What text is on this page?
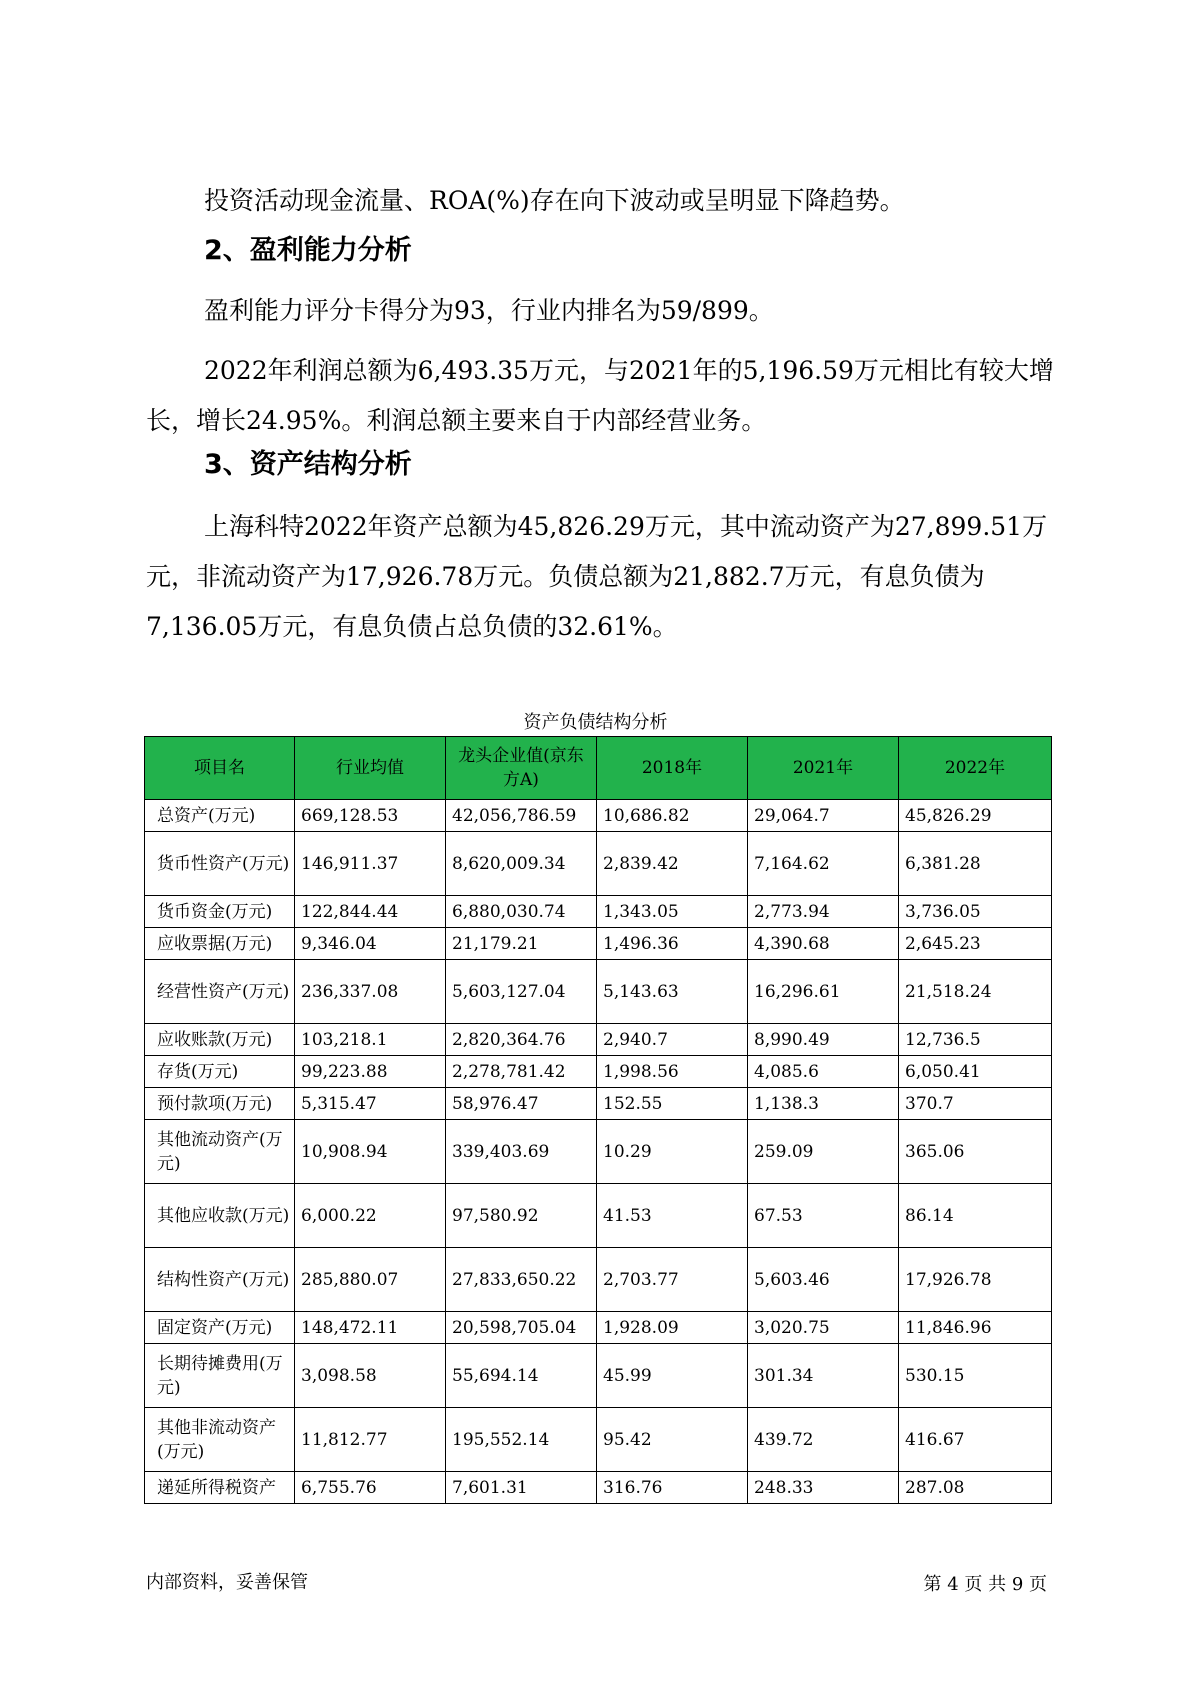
投资活动现金流量、ROA(%)存在向下波动或呈明显下降趋势。

2、盈利能力分析

盈利能力评分卡得分为93，行业内排名为59/899。

2022年利润总额为6,493.35万元，与2021年的5,196.59万元相比有较大增长，增长24.95%。利润总额主要来自于内部经营业务。

3、资产结构分析

上海科特2022年资产总额为45,826.29万元，其中流动资产为27,899.51万元，非流动资产为17,926.78万元。负债总额为21,882.7万元，有息负债为7,136.05万元，有息负债占总负债的32.61%。

资产负债结构分析
项目名	行业均值	龙头企业值(京东方A)	2018年	2021年	2022年
总资产(万元)	669,128.53	42,056,786.59	10,686.82	29,064.7	45,826.29
货币性资产(万元)	146,911.37	8,620,009.34	2,839.42	7,164.62	6,381.28
货币资金(万元)	122,844.44	6,880,030.74	1,343.05	2,773.94	3,736.05
应收票据(万元)	9,346.04	21,179.21	1,496.36	4,390.68	2,645.23
经营性资产(万元)	236,337.08	5,603,127.04	5,143.63	16,296.61	21,518.24
应收账款(万元)	103,218.1	2,820,364.76	2,940.7	8,990.49	12,736.5
存货(万元)	99,223.88	2,278,781.42	1,998.56	4,085.6	6,050.41
预付款项(万元)	5,315.47	58,976.47	152.55	1,138.3	370.7
其他流动资产(万元)	10,908.94	339,403.69	10.29	259.09	365.06
其他应收款(万元)	6,000.22	97,580.92	41.53	67.53	86.14
结构性资产(万元)	285,880.07	27,833,650.22	2,703.77	5,603.46	17,926.78
固定资产(万元)	148,472.11	20,598,705.04	1,928.09	3,020.75	11,846.96
长期待摊费用(万元)	3,098.58	55,694.14	45.99	301.34	530.15
其他非流动资产(万元)	11,812.77	195,552.14	95.42	439.72	416.67
递延所得税资产	6,755.76	7,601.31	316.76	248.33	287.08
内部资料，妥善保管	第 4 页 共 9 页
